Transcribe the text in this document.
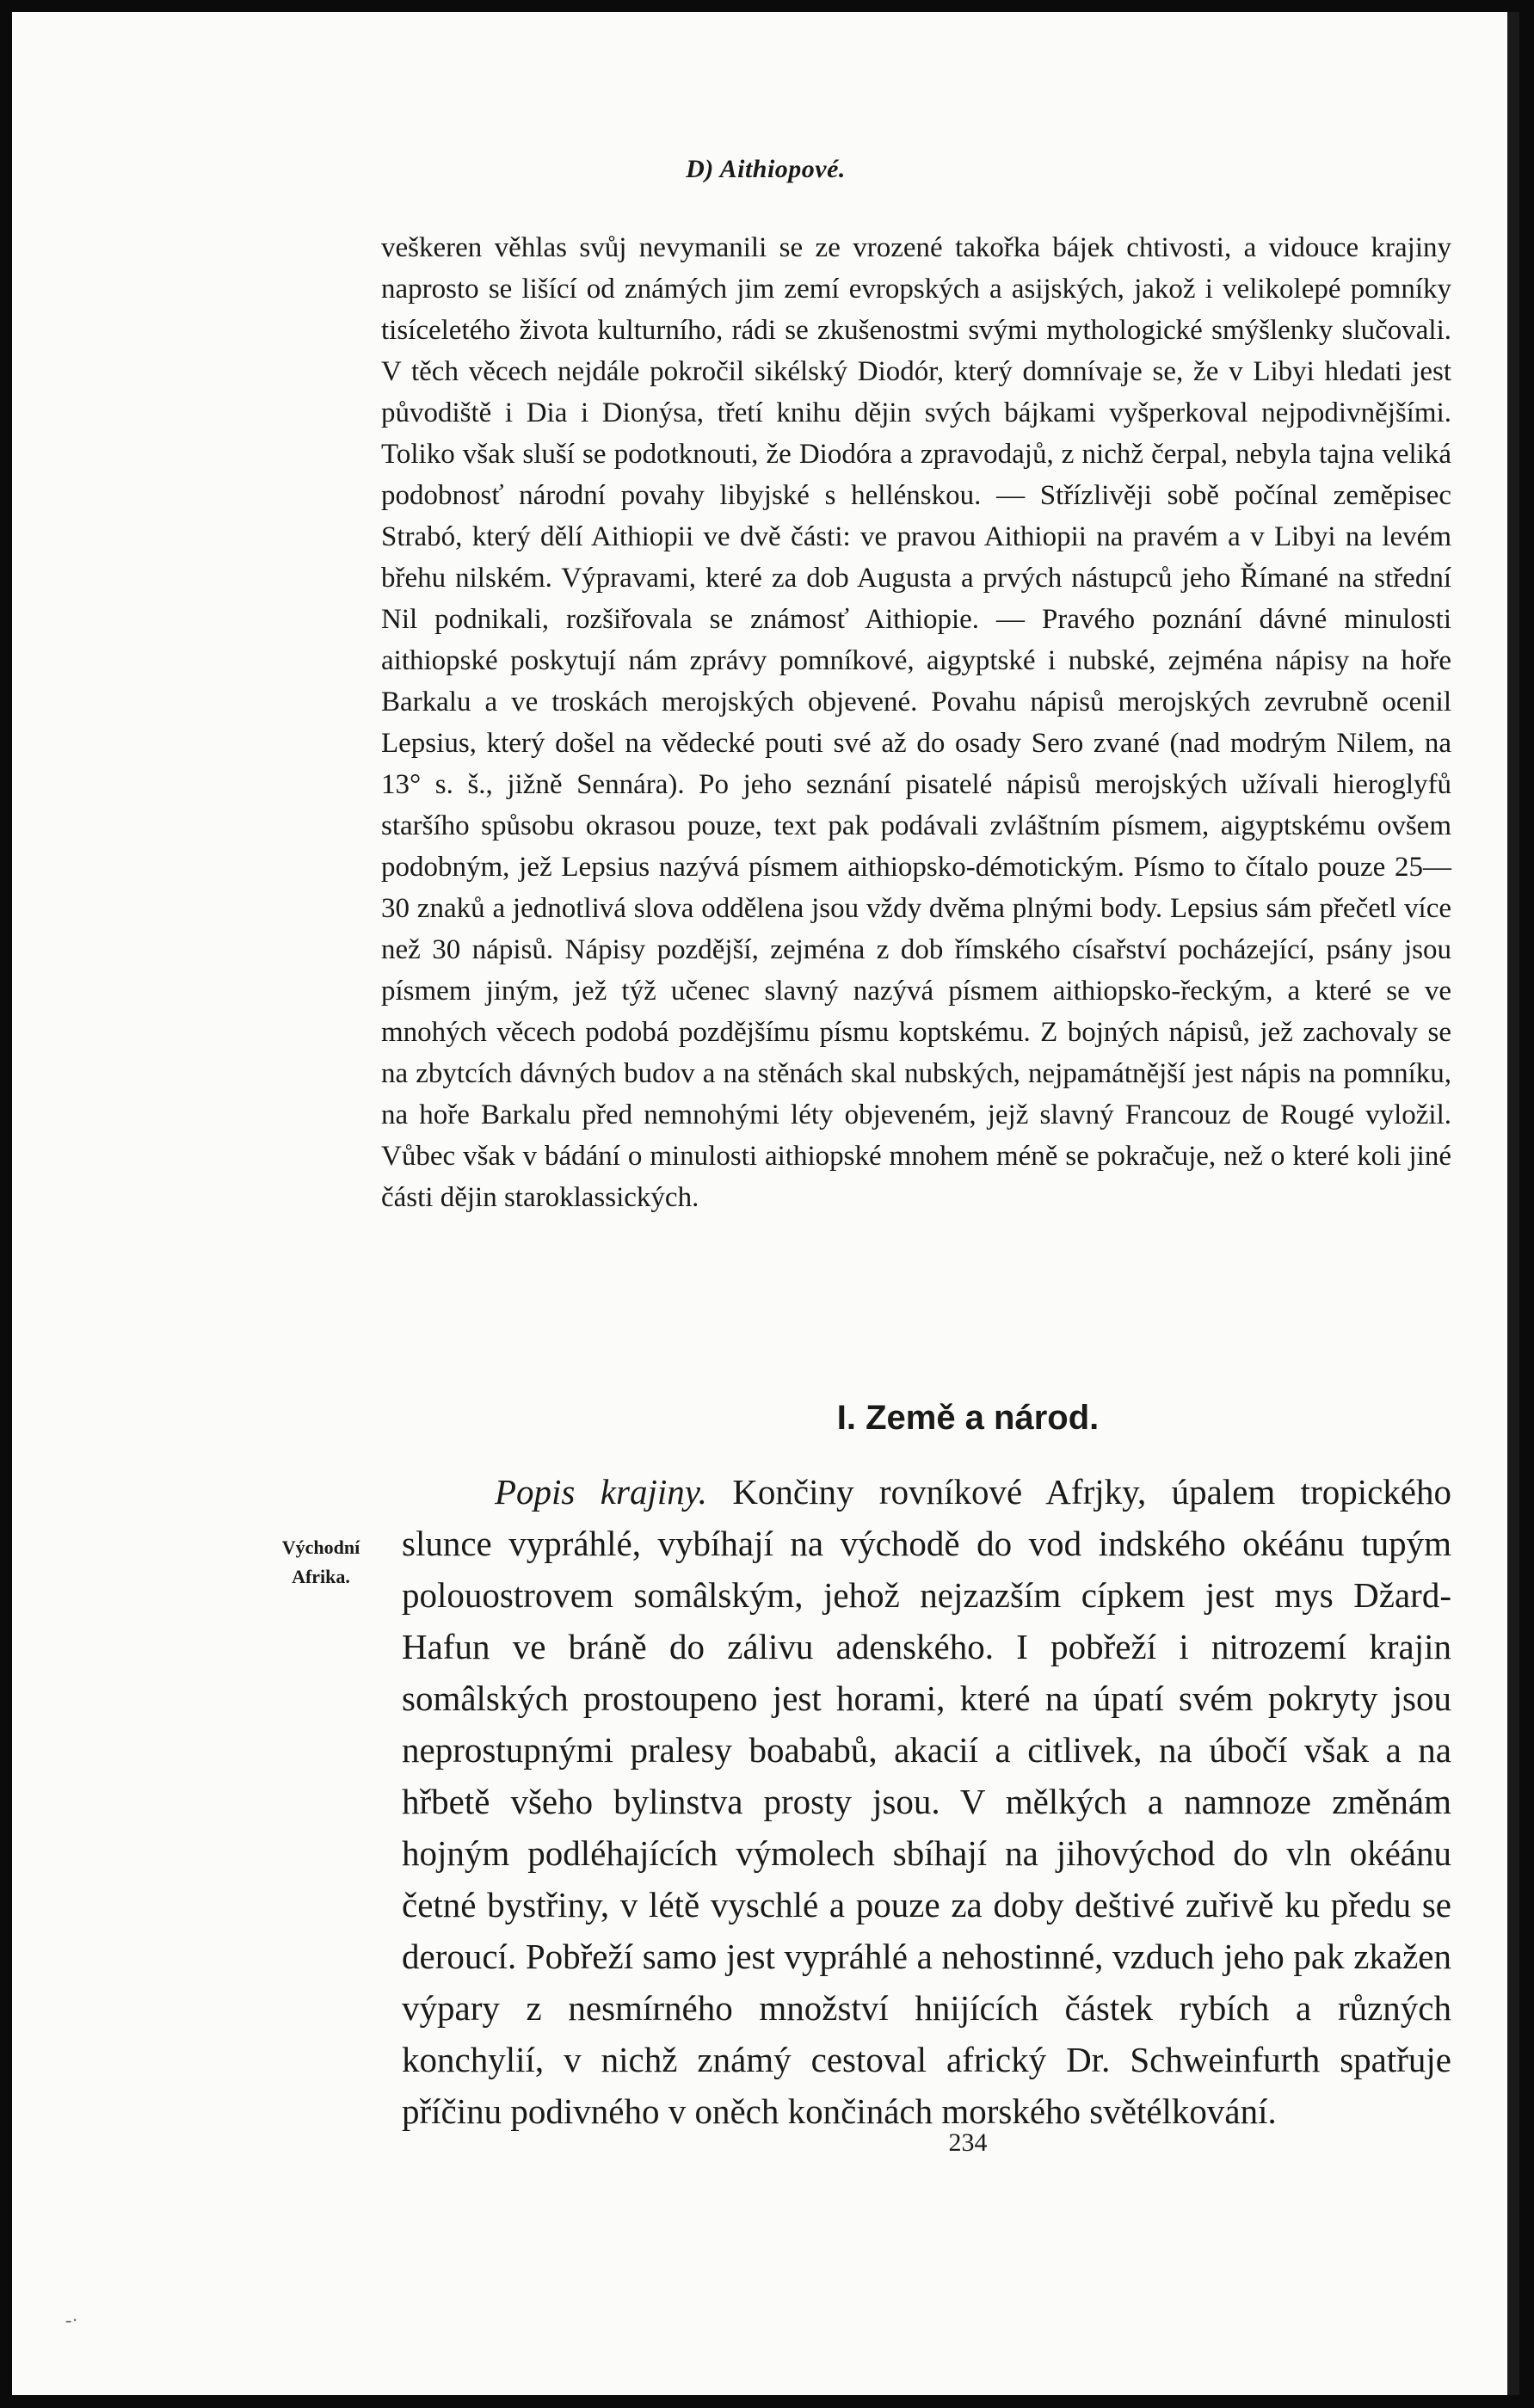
D) Aithiopové.

veškeren věhlas svůj nevymanili se ze vrozené takořka bájek chtivosti, a vidouce krajiny naprosto se lišící od známých jim zemí evropských a asijských, jakož i velikolepé pomníky tisíceletého života kulturního, rádi se zkušenostmi svými mythologické smýšlenky slučovali. V těch věcech nejdále pokročil sikélský Diodór, který domnívaje se, že v Libyi hledati jest původiště i Dia i Dionýsa, třetí knihu dějin svých bájkami vyšperkoval nejpodivnějšími. Toliko však sluší se podotknouti, že Diodóra a zpravodajů, z nichž čerpal, nebyla tajna veliká podobnosť národní povahy libyjské s hellénskou. — Střízlivěji sobě počínal zeměpisec Strabó, který dělí Aithiopii ve dvě části: ve pravou Aithiopii na pravém a v Libyi na levém břehu nilském. Výpravami, které za dob Augusta a prvých nástupců jeho Římané na střední Nil podnikali, rozšiřovala se známosť Aithiopie. — Pravého poznání dávné minulosti aithiopské poskytují nám zprávy pomníkové, aigyptské i nubské, zejména nápisy na hoře Barkalu a ve troskách merojských objevené. Povahu nápisů merojských zevrubně ocenil Lepsius, který došel na vědecké pouti své až do osady Sero zvané (nad modrým Nilem, na 13° s. š., jižně Sennára). Po jeho seznání pisatelé nápisů merojských užívali hieroglyfů staršího spůsobu okrasou pouze, text pak podávali zvláštním písmem, aigyptskému ovšem podobným, jež Lepsius nazývá písmem aithiopsko-démotickým. Písmo to čítalo pouze 25—30 znaků a jednotlivá slova oddělena jsou vždy dvěma plnými body. Lepsius sám přečetl více než 30 nápisů. Nápisy pozdější, zejména z dob římského císařství pocházející, psány jsou písmem jiným, jež týž učenec slavný nazývá písmem aithiopsko-řeckým, a které se ve mnohých věcech podobá pozdějšímu písmu koptskému. Z bojných nápisů, jež zachovaly se na zbytcích dávných budov a na stěnách skal nubských, nejpamátnější jest nápis na pomníku, na hoře Barkalu před nemnohými léty objeveném, jejž slavný Francouz de Rougé vyložil. Vůbec však v bádání o minulosti aithiopské mnohem méně se pokračuje, než o které koli jiné části dějin staroklassických.

I. Země a národ.
Východní
Afrika.

Popis krajiny. Končiny rovníkové Afrjky, úpalem tropického slunce vypráhlé, vybíhají na východě do vod indského okéánu tupým polouostrovem somâlským, jehož nejzazším cípkem jest mys Džard-Hafun ve bráně do zálivu adenského. I pobřeží i nitrozemí krajin somâlských prostoupeno jest horami, které na úpatí svém pokryty jsou neprostupnými pralesy boababů, akacií a citlivek, na úbočí však a na hřbetě všeho bylinstva prosty jsou. V mělkých a namnoze změnám hojným podléhajících výmolech sbíhají na jihovýchod do vln okéánu četné bystřiny, v létě vyschlé a pouze za doby deštivé zuřivě ku předu se deroucí. Pobřeží samo jest vypráhlé a nehostinné, vzduch jeho pak zkažen výpary z nesmírného množství hnijících částek rybích a různých konchylií, v nichž známý cestoval africký Dr. Schweinfurth spatřuje příčinu podivného v oněch končinách morského světélkování.

234
-·
